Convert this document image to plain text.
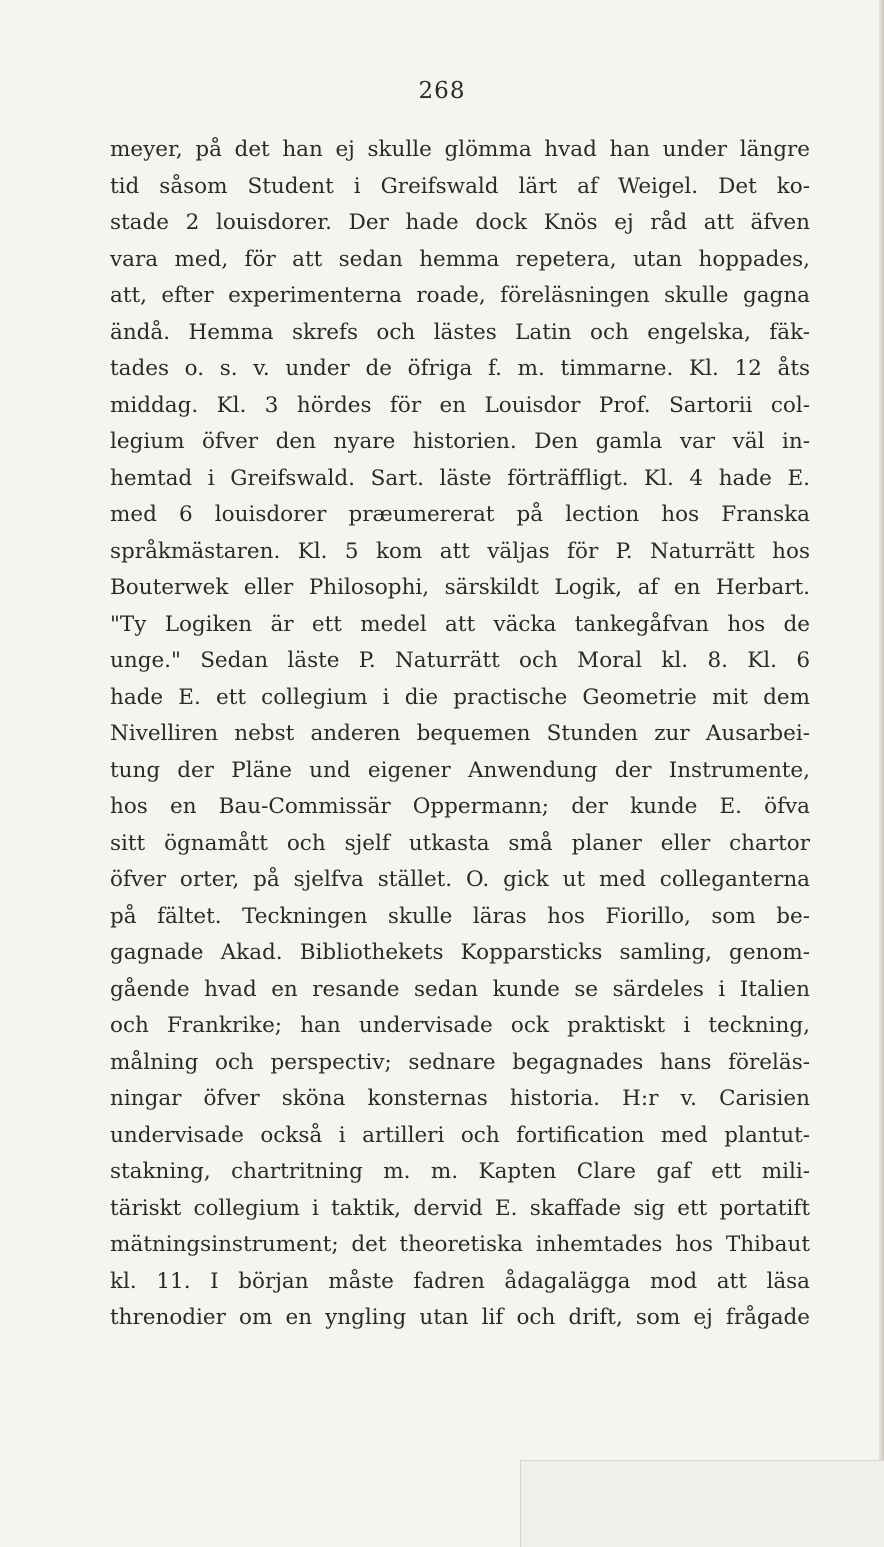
268
meyer, på det han ej skulle glömma hvad han under längre
tid såsom Student i Greifswald lärt af Weigel. Det ko-
stade 2 louisdorer. Der hade dock Knös ej råd att äfven
vara med, för att sedan hemma repetera, utan hoppades,
att, efter experimenterna roade, föreläsningen skulle gagna
ändå. Hemma skrefs och lästes Latin och engelska, fäk-
tades o. s. v. under de öfriga f. m. timmarne. Kl. 12 åts
middag. Kl. 3 hördes för en Louisdor Prof. Sartorii col-
legium öfver den nyare historien. Den gamla var väl in-
hemtad i Greifswald. Sart. läste förträffligt. Kl. 4 hade E.
med 6 louisdorer præumererat på lection hos Franska
språkmästaren. Kl. 5 kom att väljas för P. Naturrätt hos
Bouterwek eller Philosophi, särskildt Logik, af en Herbart.
"Ty Logiken är ett medel att väcka tankegåfvan hos de
unge." Sedan läste P. Naturrätt och Moral kl. 8. Kl. 6
hade E. ett collegium i die practische Geometrie mit dem
Nivelliren nebst anderen bequemen Stunden zur Ausarbei-
tung der Pläne und eigener Anwendung der Instrumente,
hos en Bau-Commissär Oppermann; der kunde E. öfva
sitt ögnamått och sjelf utkasta små planer eller chartor
öfver orter, på sjelfva stället. O. gick ut med colleganterna
på fältet. Teckningen skulle läras hos Fiorillo, som be-
gagnade Akad. Bibliothekets Kopparsticks samling, genom-
gående hvad en resande sedan kunde se särdeles i Italien
och Frankrike; han undervisade ock praktiskt i teckning,
målning och perspectiv; sednare begagnades hans föreläs-
ningar öfver sköna konsternas historia. H:r v. Carisien
undervisade också i artilleri och fortification med plantut-
stakning, chartritning m. m. Kapten Clare gaf ett mili-
täriskt collegium i taktik, dervid E. skaffade sig ett portatift
mätningsinstrument; det theoretiska inhemtades hos Thibaut
kl. 11. I början måste fadren ådagalägga mod att läsa
threnodier om en yngling utan lif och drift, som ej frågade
